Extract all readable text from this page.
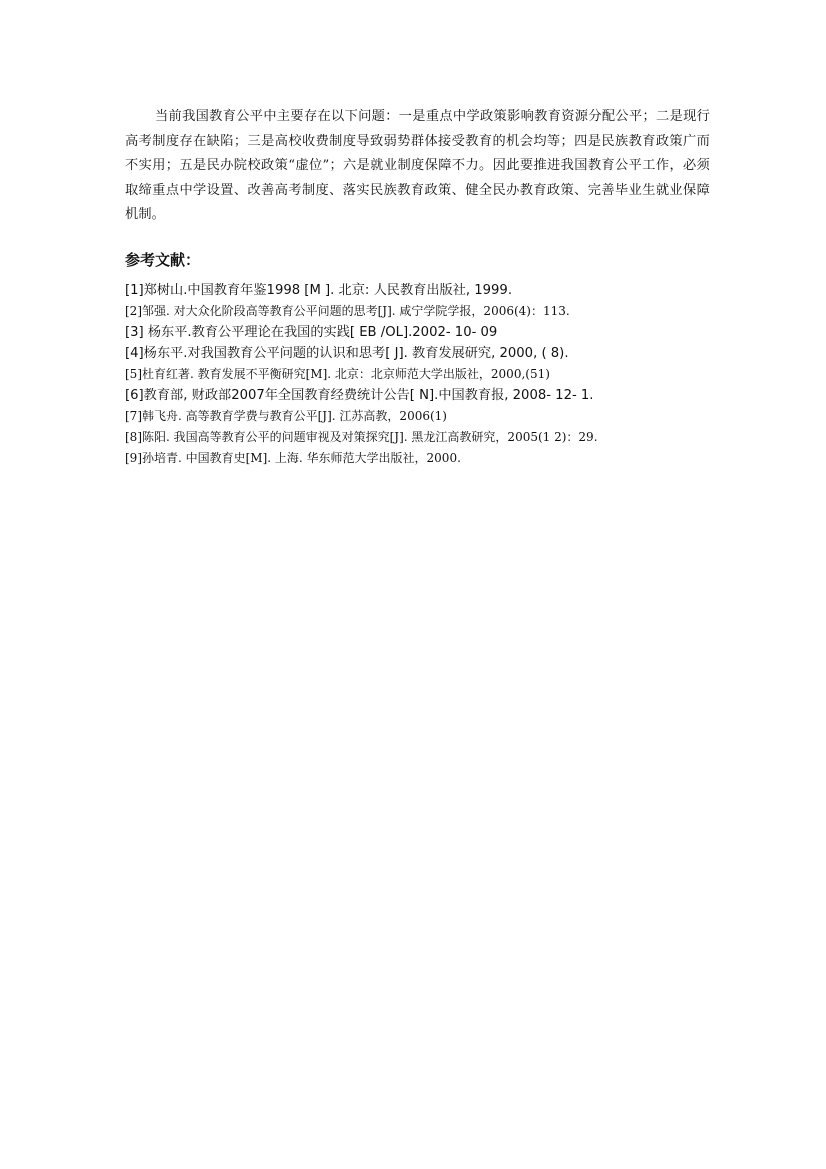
当前我国教育公平中主要存在以下问题：一是重点中学政策影响教育资源分配公平；二是现行高考制度存在缺陷；三是高校收费制度导致弱势群体接受教育的机会均等；四是民族教育政策广而不实用；五是民办院校政策“虚位”；六是就业制度保障不力。因此要推进我国教育公平工作，必须取缔重点中学设置、改善高考制度、落实民族教育政策、健全民办教育政策、完善毕业生就业保障机制。

参考文献：
[1]郑树山.中国教育年鉴1998 [M ]. 北京: 人民教育出版社, 1999.
[2]邹强. 对大众化阶段高等教育公平问题的思考[J]. 咸宁学院学报，2006(4)：113.
[3] 杨东平.教育公平理论在我国的实践[ EB /OL].2002- 10- 09
[4]杨东平.对我国教育公平问题的认识和思考[ J]. 教育发展研究, 2000, ( 8).
[5]杜育红著. 教育发展不平衡研究[M]. 北京：北京师范大学出版社，2000,(51)
[6]教育部, 财政部2007年全国教育经费统计公告[ N].中国教育报, 2008- 12- 1.
[7]韩飞舟. 高等教育学费与教育公平[J]. 江苏高教，2006(1)
[8]陈阳. 我国高等教育公平的问题审视及对策探究[J]. 黑龙江高教研究，2005(1 2)：29.
[9]孙培青. 中国教育史[M]. 上海. 华东师范大学出版社，2000.
